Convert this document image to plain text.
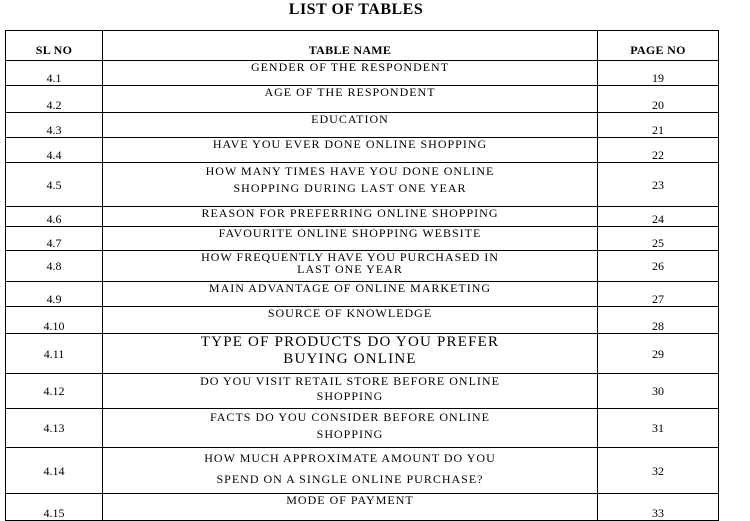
LIST OF TABLES
SL NO	TABLE NAME	PAGE NO
4.1	GENDER OF THE RESPONDENT	19
4.2	AGE OF THE RESPONDENT	20
4.3	EDUCATION	21
4.4	HAVE YOU EVER DONE ONLINE SHOPPING	22
4.5	HOW MANY TIMES HAVE YOU DONE ONLINE
SHOPPING DURING LAST ONE YEAR	23
4.6	REASON FOR PREFERRING ONLINE SHOPPING	24
4.7	FAVOURITE ONLINE SHOPPING WEBSITE	25
4.8	HOW FREQUENTLY HAVE YOU PURCHASED IN
LAST ONE YEAR	26
4.9	MAIN ADVANTAGE OF ONLINE MARKETING	27
4.10	SOURCE OF KNOWLEDGE	28
4.11	TYPE OF PRODUCTS DO YOU PREFER
BUYING ONLINE	29
4.12	DO YOU VISIT RETAIL STORE BEFORE ONLINE
SHOPPING	30
4.13	FACTS DO YOU CONSIDER BEFORE ONLINE
SHOPPING	31
4.14	HOW MUCH APPROXIMATE AMOUNT DO YOU
SPEND ON A SINGLE ONLINE PURCHASE?	32
4.15	MODE OF PAYMENT	33
